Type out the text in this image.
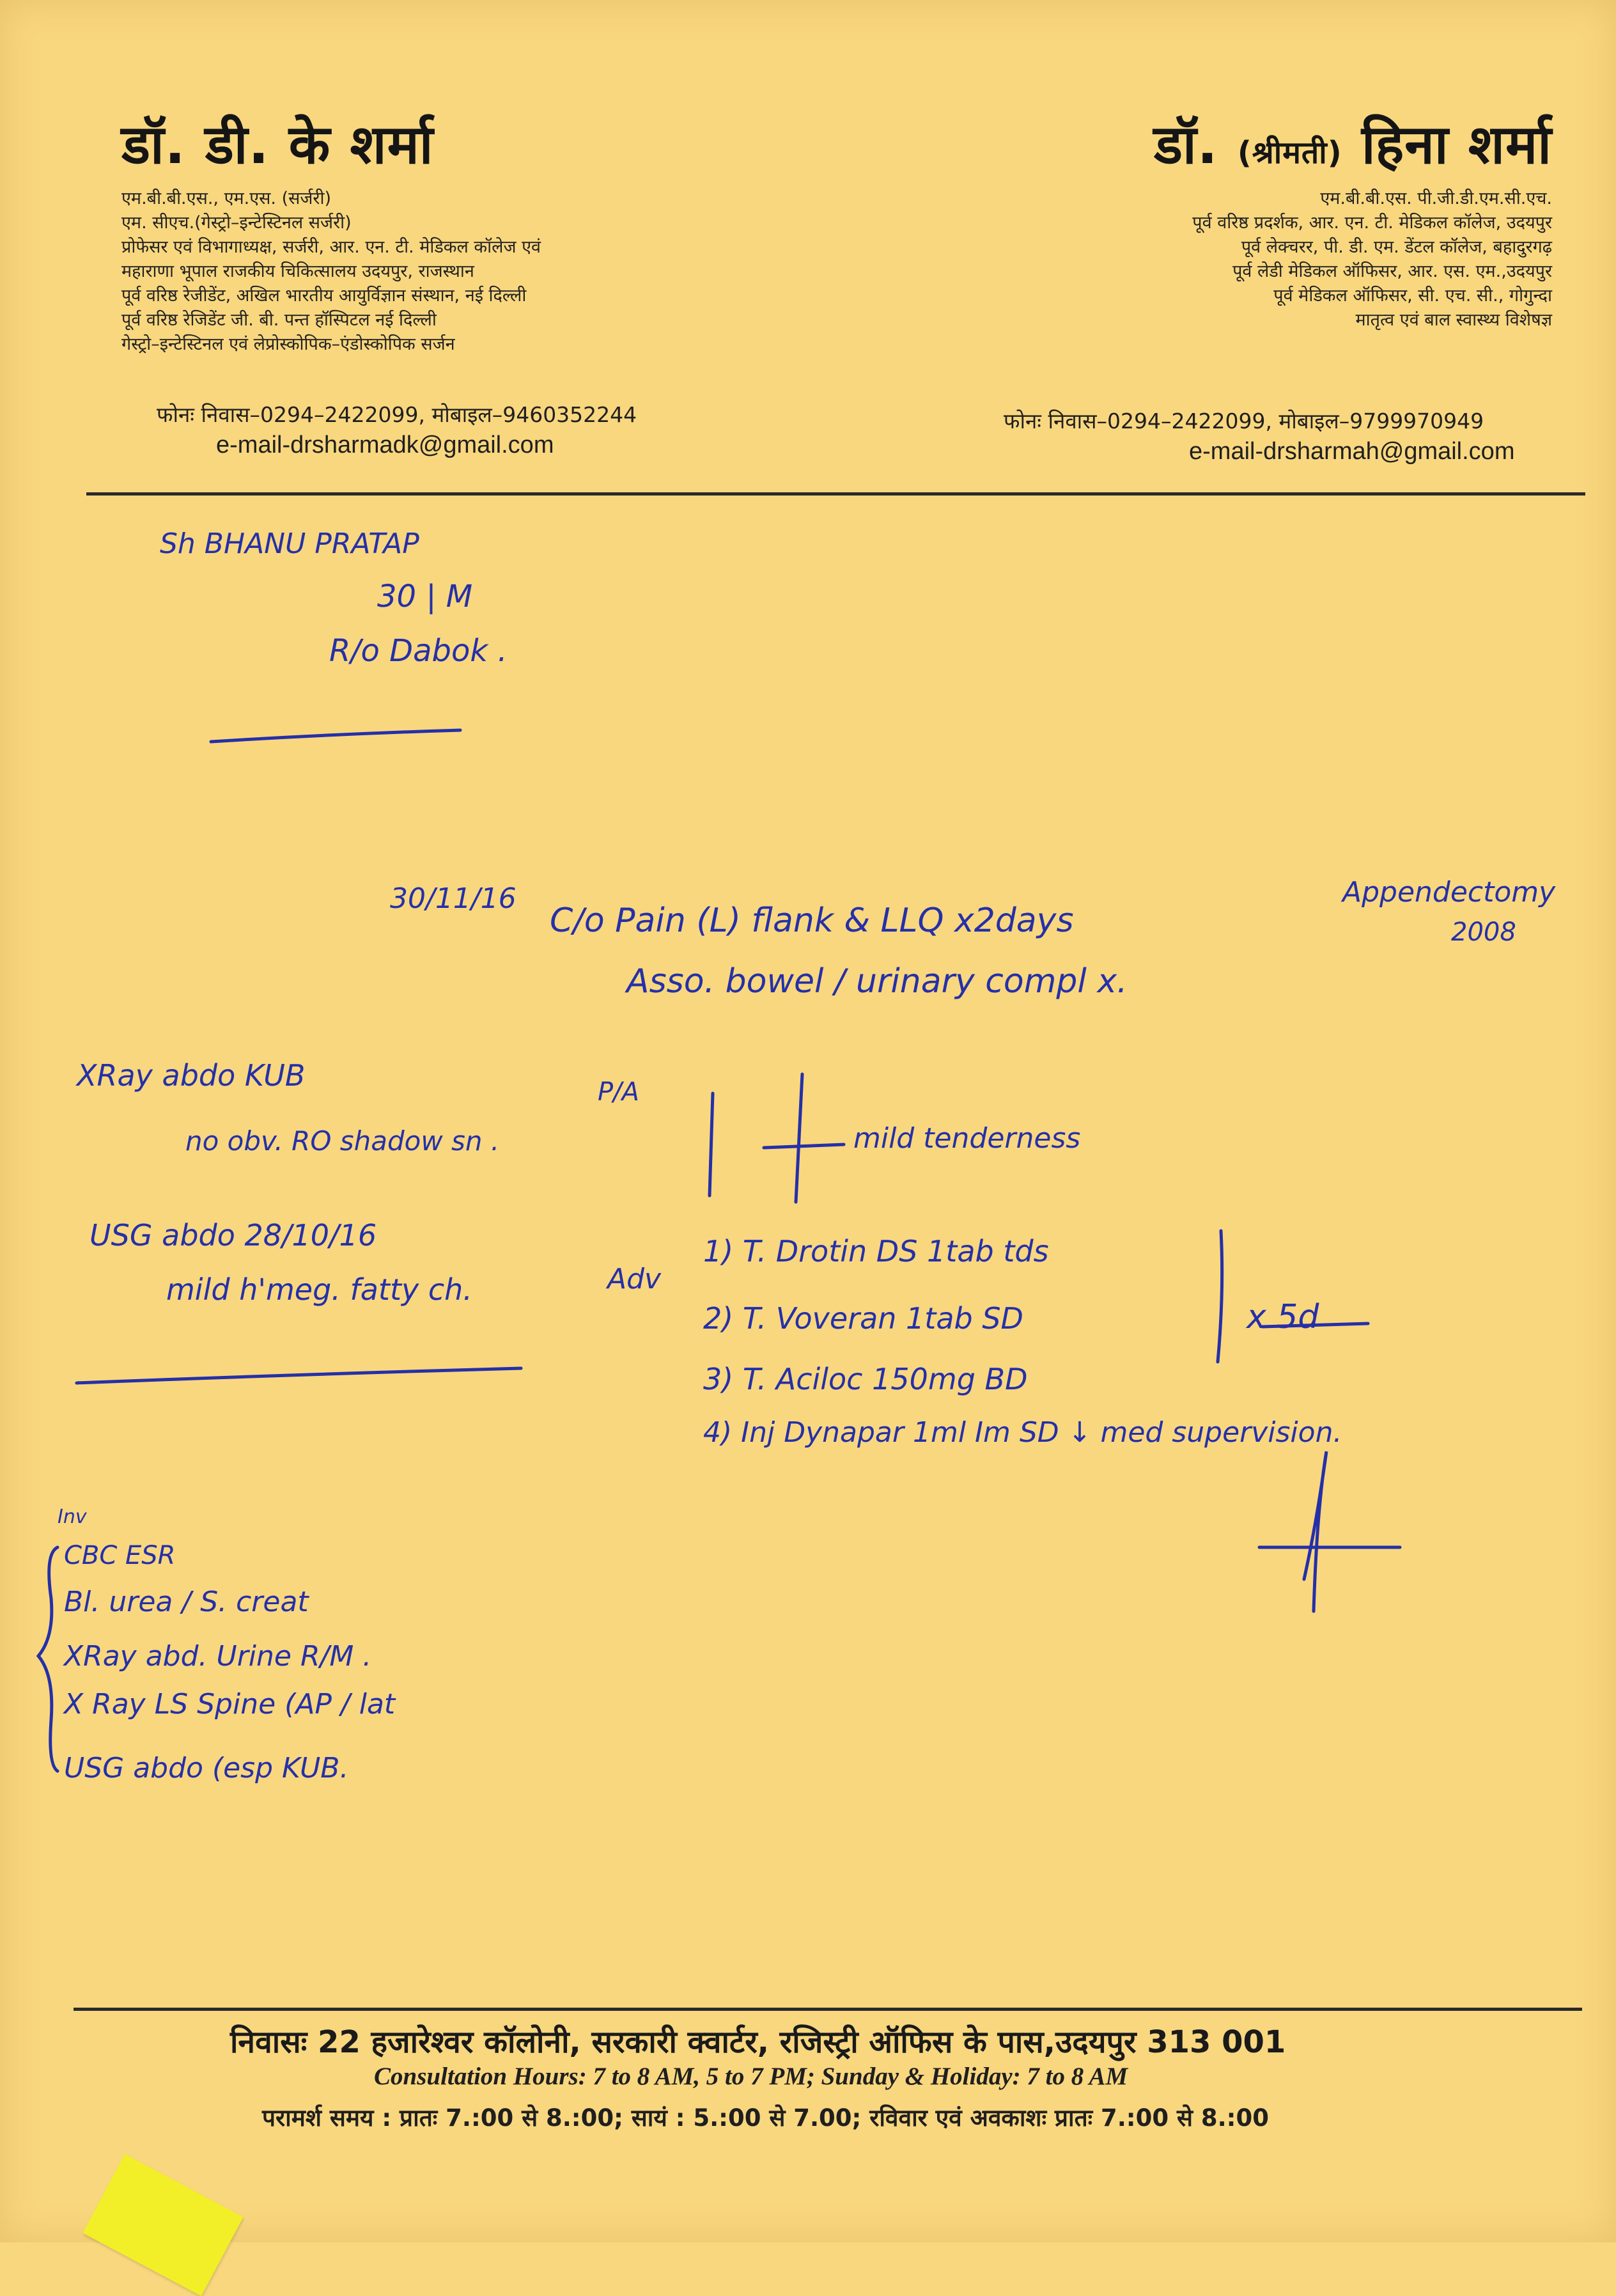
डॉ. डी. के शर्मा
एम.बी.बी.एस., एम.एस. (सर्जरी)
एम. सीएच.(गेस्ट्रो–इन्टेस्टिनल सर्जरी)
प्रोफेसर एवं विभागाध्यक्ष, सर्जरी, आर. एन. टी. मेडिकल कॉलेज एवं
महाराणा भूपाल राजकीय चिकित्सालय उदयपुर, राजस्थान
पूर्व वरिष्ठ रेजीडेंट, अखिल भारतीय आयुर्विज्ञान संस्थान, नई दिल्ली
पूर्व वरिष्ठ रेजिडेंट जी. बी. पन्त हॉस्पिटल नई दिल्ली
गेस्ट्रो–इन्टेस्टिनल एवं लेप्रोस्कोपिक–एंडोस्कोपिक सर्जन
फोनः निवास–0294–2422099, मोबाइल–9460352244
e-mail-drsharmadk@gmail.com
डॉ. (श्रीमती) हिना शर्मा
एम.बी.बी.एस. पी.जी.डी.एम.सी.एच.
पूर्व वरिष्ठ प्रदर्शक, आर. एन. टी. मेडिकल कॉलेज, उदयपुर
पूर्व लेक्चरर, पी. डी. एम. डेंटल कॉलेज, बहादुरगढ़
पूर्व लेडी मेडिकल ऑफिसर, आर. एस. एम.,उदयपुर
पूर्व मेडिकल ऑफिसर, सी. एच. सी., गोगुन्दा
मातृत्व एवं बाल स्वास्थ्य विशेषज्ञ
फोनः निवास–0294–2422099, मोबाइल–9799970949
e-mail-drsharmah@gmail.com
Sh BHANU PRATAP
30 | M
R/o Dabok .
30/11/16
C/o Pain (L) flank & LLQ x2days
Asso. bowel / urinary compl x.
Appendectomy
2008
XRay abdo KUB
no obv. RO shadow sn .
USG abdo 28/10/16
mild h'meg. fatty ch.	Adv
P/A
mild tenderness
1) T. Drotin DS 1tab tds
2) T. Voveran 1tab SD
3) T. Aciloc 150mg BD
4) Inj Dynapar 1ml Im SD ↓ med supervision.
x 5d
Inv
CBC ESR
Bl. urea / S. creat
XRay abd. Urine R/M .
X Ray LS Spine (AP / lat
USG abdo (esp KUB.
निवासः 22 हजारेश्वर कॉलोनी, सरकारी क्वार्टर, रजिस्ट्री ऑफिस के पास,उदयपुर 313 001
Consultation Hours: 7 to 8 AM, 5 to 7 PM; Sunday & Holiday: 7 to 8 AM
परामर्श समय : प्रातः 7.:00 से 8.:00; सायं : 5.:00 से 7.00; रविवार एवं अवकाशः प्रातः 7.:00 से 8.:00
